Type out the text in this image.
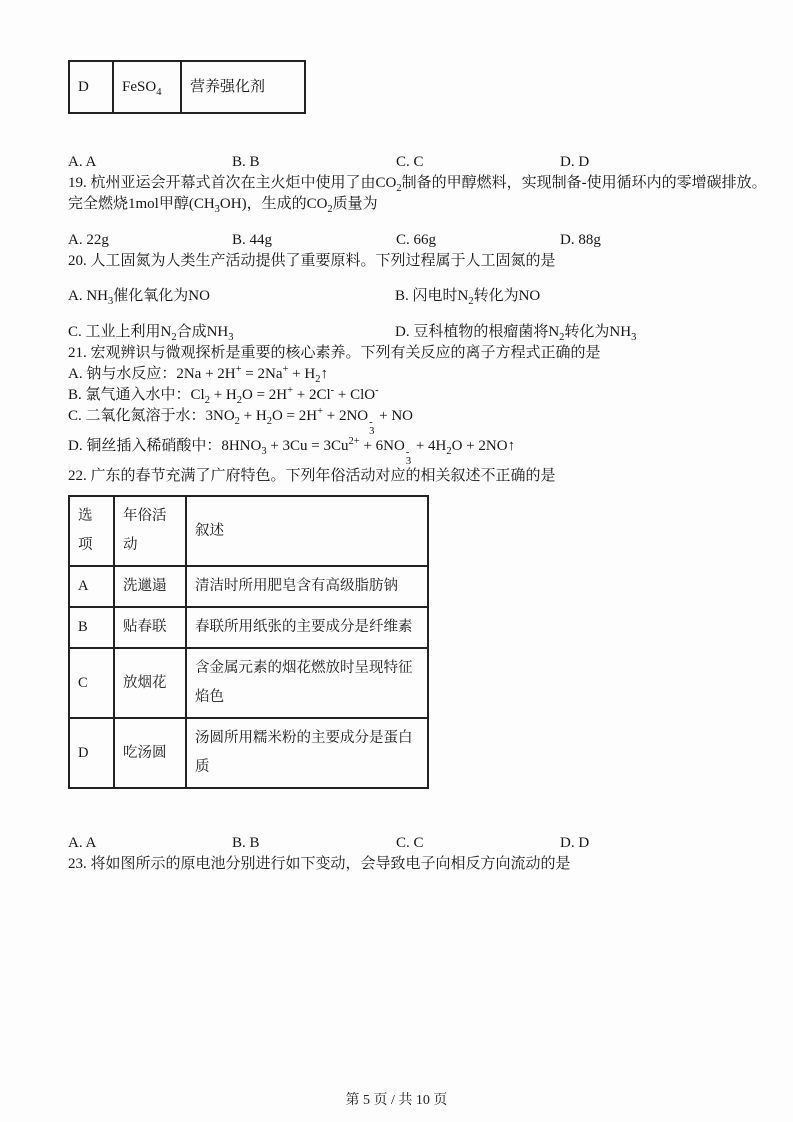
D	FeSO$_4$	营养强化剂
A. A	B. B	C. C	D. D

19. 杭州亚运会开幕式首次在主火炬中使用了由$CO_2$制备的甲醇燃料，实现制备-使用循环内的零增碳排放。

完全燃烧1mol甲醇$(CH_3OH)$，生成的$CO_2$质量为

A. 22g	B. 44g	C. 66g	D. 88g

20. 人工固氮为人类生产活动提供了重要原料。下列过程属于人工固氮的是

A. $NH_3$催化氧化为NO	B. 闪电时$N_2$转化为NO
C. 工业上利用$N_2$合成$NH_3$	D. 豆科植物的根瘤菌将$N_2$转化为$NH_3$

21. 宏观辨识与微观探析是重要的核心素养。下列有关反应的离子方程式正确的是

A. 钠与水反应：$2Na + 2H^+ = 2Na^+ + H_2↑$

B. 氯气通入水中：$Cl_2 + H_2O = 2H^+ + 2Cl^- + ClO^-$

C. 二氧化氮溶于水：$3NO_2 + H_2O = 2H^+ + 2NO$ -
3
+ NO

D. 铜丝插入稀硝酸中：$8HNO_3 + 3Cu = 3Cu^{2+} + 6NO$ -
3
+ $4H_2O$ + 2NO↑

22. 广东的春节充满了广府特色。下列年俗活动对应的相关叙述不正确的是

选项	年俗活动	叙述
A	洗邋遢	清洁时所用肥皂含有高级脂肪钠
B	贴春联	春联所用纸张的主要成分是纤维素
C	放烟花	含金属元素的烟花燃放时呈现特征焰色
D	吃汤圆	汤圆所用糯米粉的主要成分是蛋白质
A. A	B. B	C. C	D. D

23. 将如图所示的原电池分别进行如下变动，会导致电子向相反方向流动的是

第 5 页 / 共 10 页
